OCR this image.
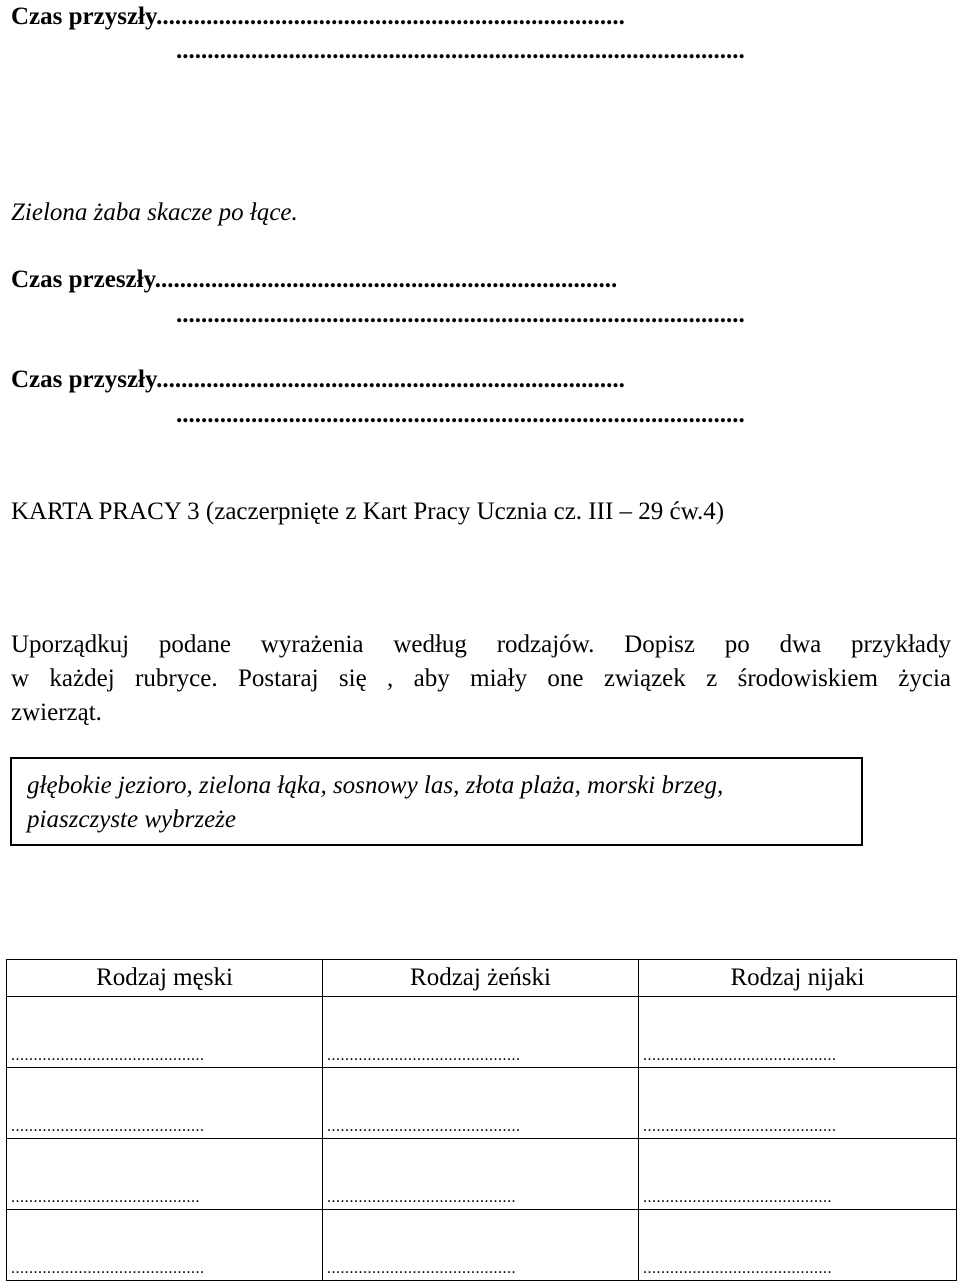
Czas przyszły...........................................................................
...........................................................................................
Zielona żaba skacze po łące.
Czas przeszły..........................................................................
...........................................................................................
Czas przyszły...........................................................................
...........................................................................................
KARTA PRACY 3 (zaczerpnięte z Kart Pracy Ucznia cz. III – 29 ćw.4)
Uporządkuj podane wyrażenia według rodzajów. Dopisz po dwa przykłady
w każdej rubryce. Postaraj się , aby miały one związek z środowiskiem życia
zwierząt.
głębokie jezioro, zielona łąka, sosnowy las, złota plaża, morski brzeg,
piaszczyste wybrzeże
Rodzaj męski	Rodzaj żeński	Rodzaj nijaki
...........................................	...........................................	...........................................
...........................................	...........................................	...........................................
..........................................	..........................................	..........................................
...........................................	..........................................	..........................................
